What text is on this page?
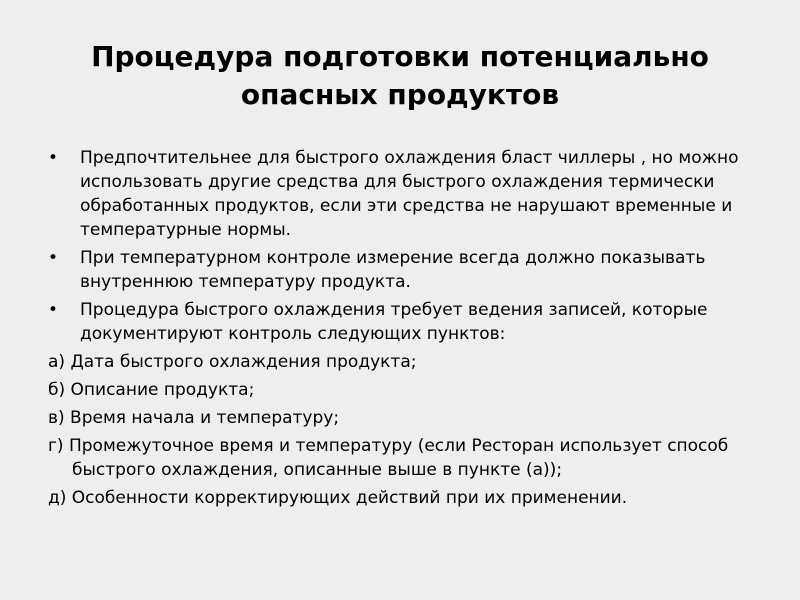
Процедура подготовки потенциально опасных продуктов
•	Предпочтительнее для быстрого охлаждения бласт чиллеры , но можно использовать другие средства для быстрого охлаждения термически обработанных продуктов, если эти средства не нарушают временные и температурные нормы.
•	При температурном контроле измерение всегда должно показывать внутреннюю температуру продукта.
•	Процедура быстрого охлаждения требует ведения записей, которые документируют контроль следующих пунктов:
а) Дата быстрого охлаждения продукта;
б) Описание продукта;
в) Время начала и температуру;
г) Промежуточное время и температуру (если Ресторан использует способ быстрого охлаждения, описанные выше в пункте (а));
д) Особенности корректирующих действий при их применении.
